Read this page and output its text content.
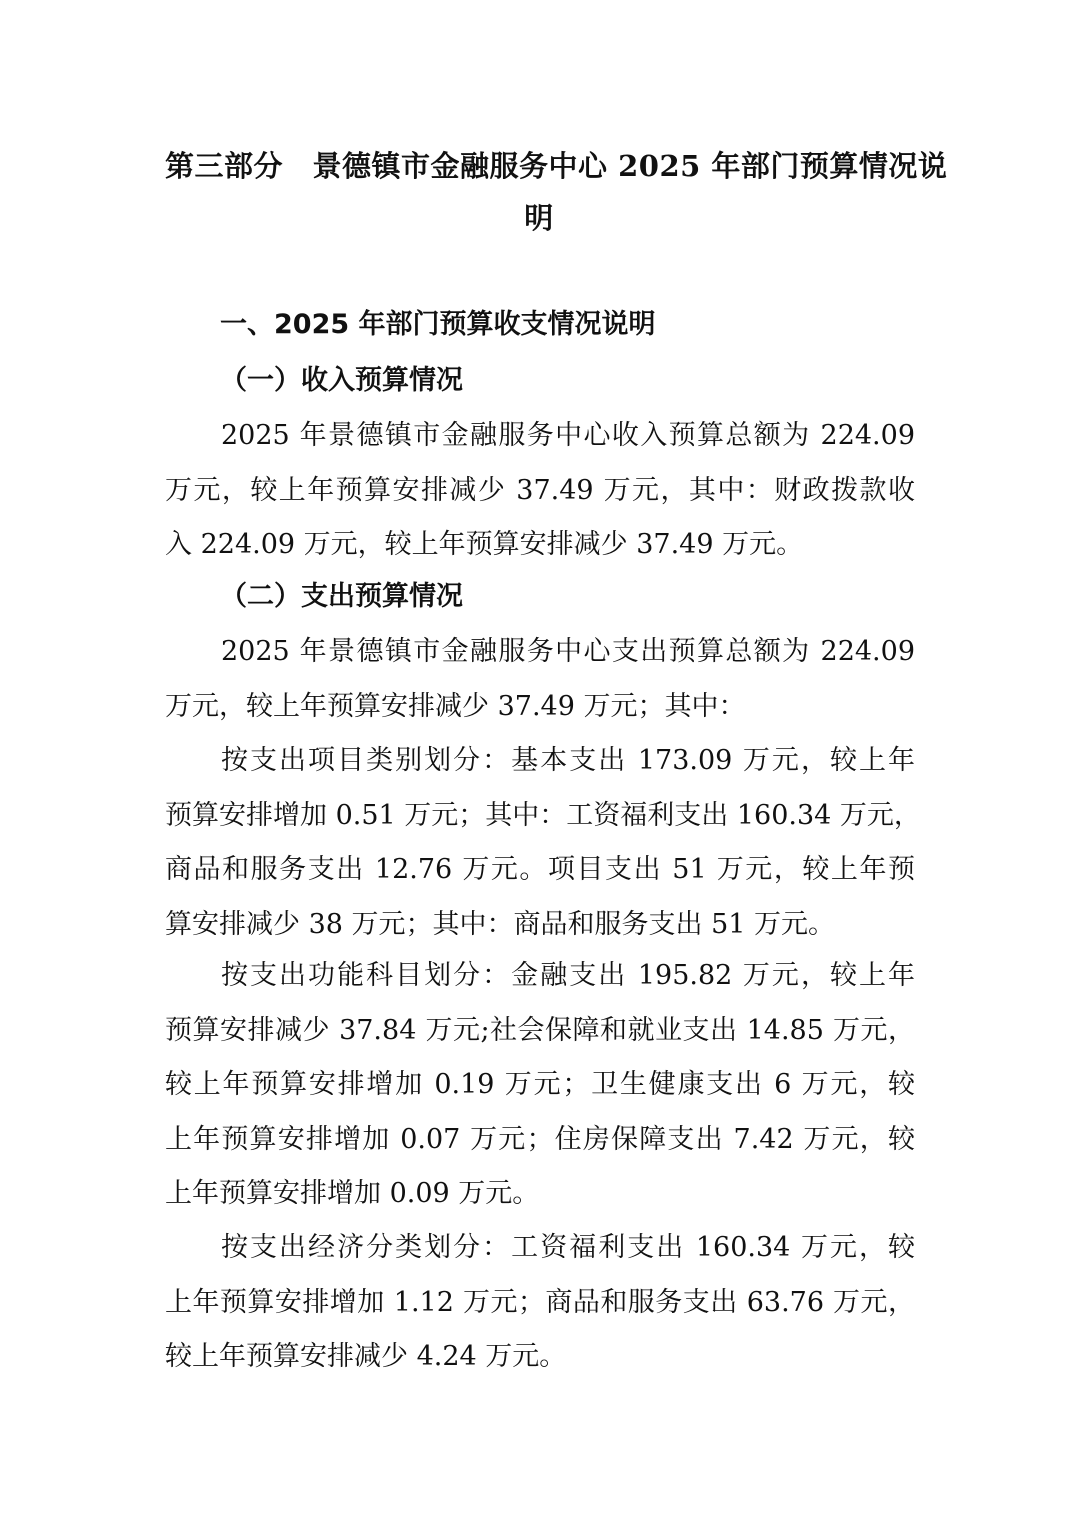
第三部分　景德镇市金融服务中心 2025 年部门预算情况说
明
一、2025 年部门预算收支情况说明
（一）收入预算情况
2025 年景德镇市金融服务中心收入预算总额为 224.09
万元，较上年预算安排减少 37.49 万元，其中：财政拨款收
入 224.09 万元，较上年预算安排减少 37.49 万元。
（二）支出预算情况
2025 年景德镇市金融服务中心支出预算总额为 224.09
万元，较上年预算安排减少 37.49 万元；其中：
按支出项目类别划分：基本支出 173.09 万元，较上年
预算安排增加 0.51 万元；其中：工资福利支出 160.34 万元，
商品和服务支出 12.76 万元。项目支出 51 万元，较上年预
算安排减少 38 万元；其中：商品和服务支出 51 万元。
按支出功能科目划分：金融支出 195.82 万元，较上年
预算安排减少 37.84 万元;社会保障和就业支出 14.85 万元，
较上年预算安排增加 0.19 万元；卫生健康支出 6 万元，较
上年预算安排增加 0.07 万元；住房保障支出 7.42 万元，较
上年预算安排增加 0.09 万元。
按支出经济分类划分：工资福利支出 160.34 万元，较
上年预算安排增加 1.12 万元；商品和服务支出 63.76 万元，
较上年预算安排减少 4.24 万元。
